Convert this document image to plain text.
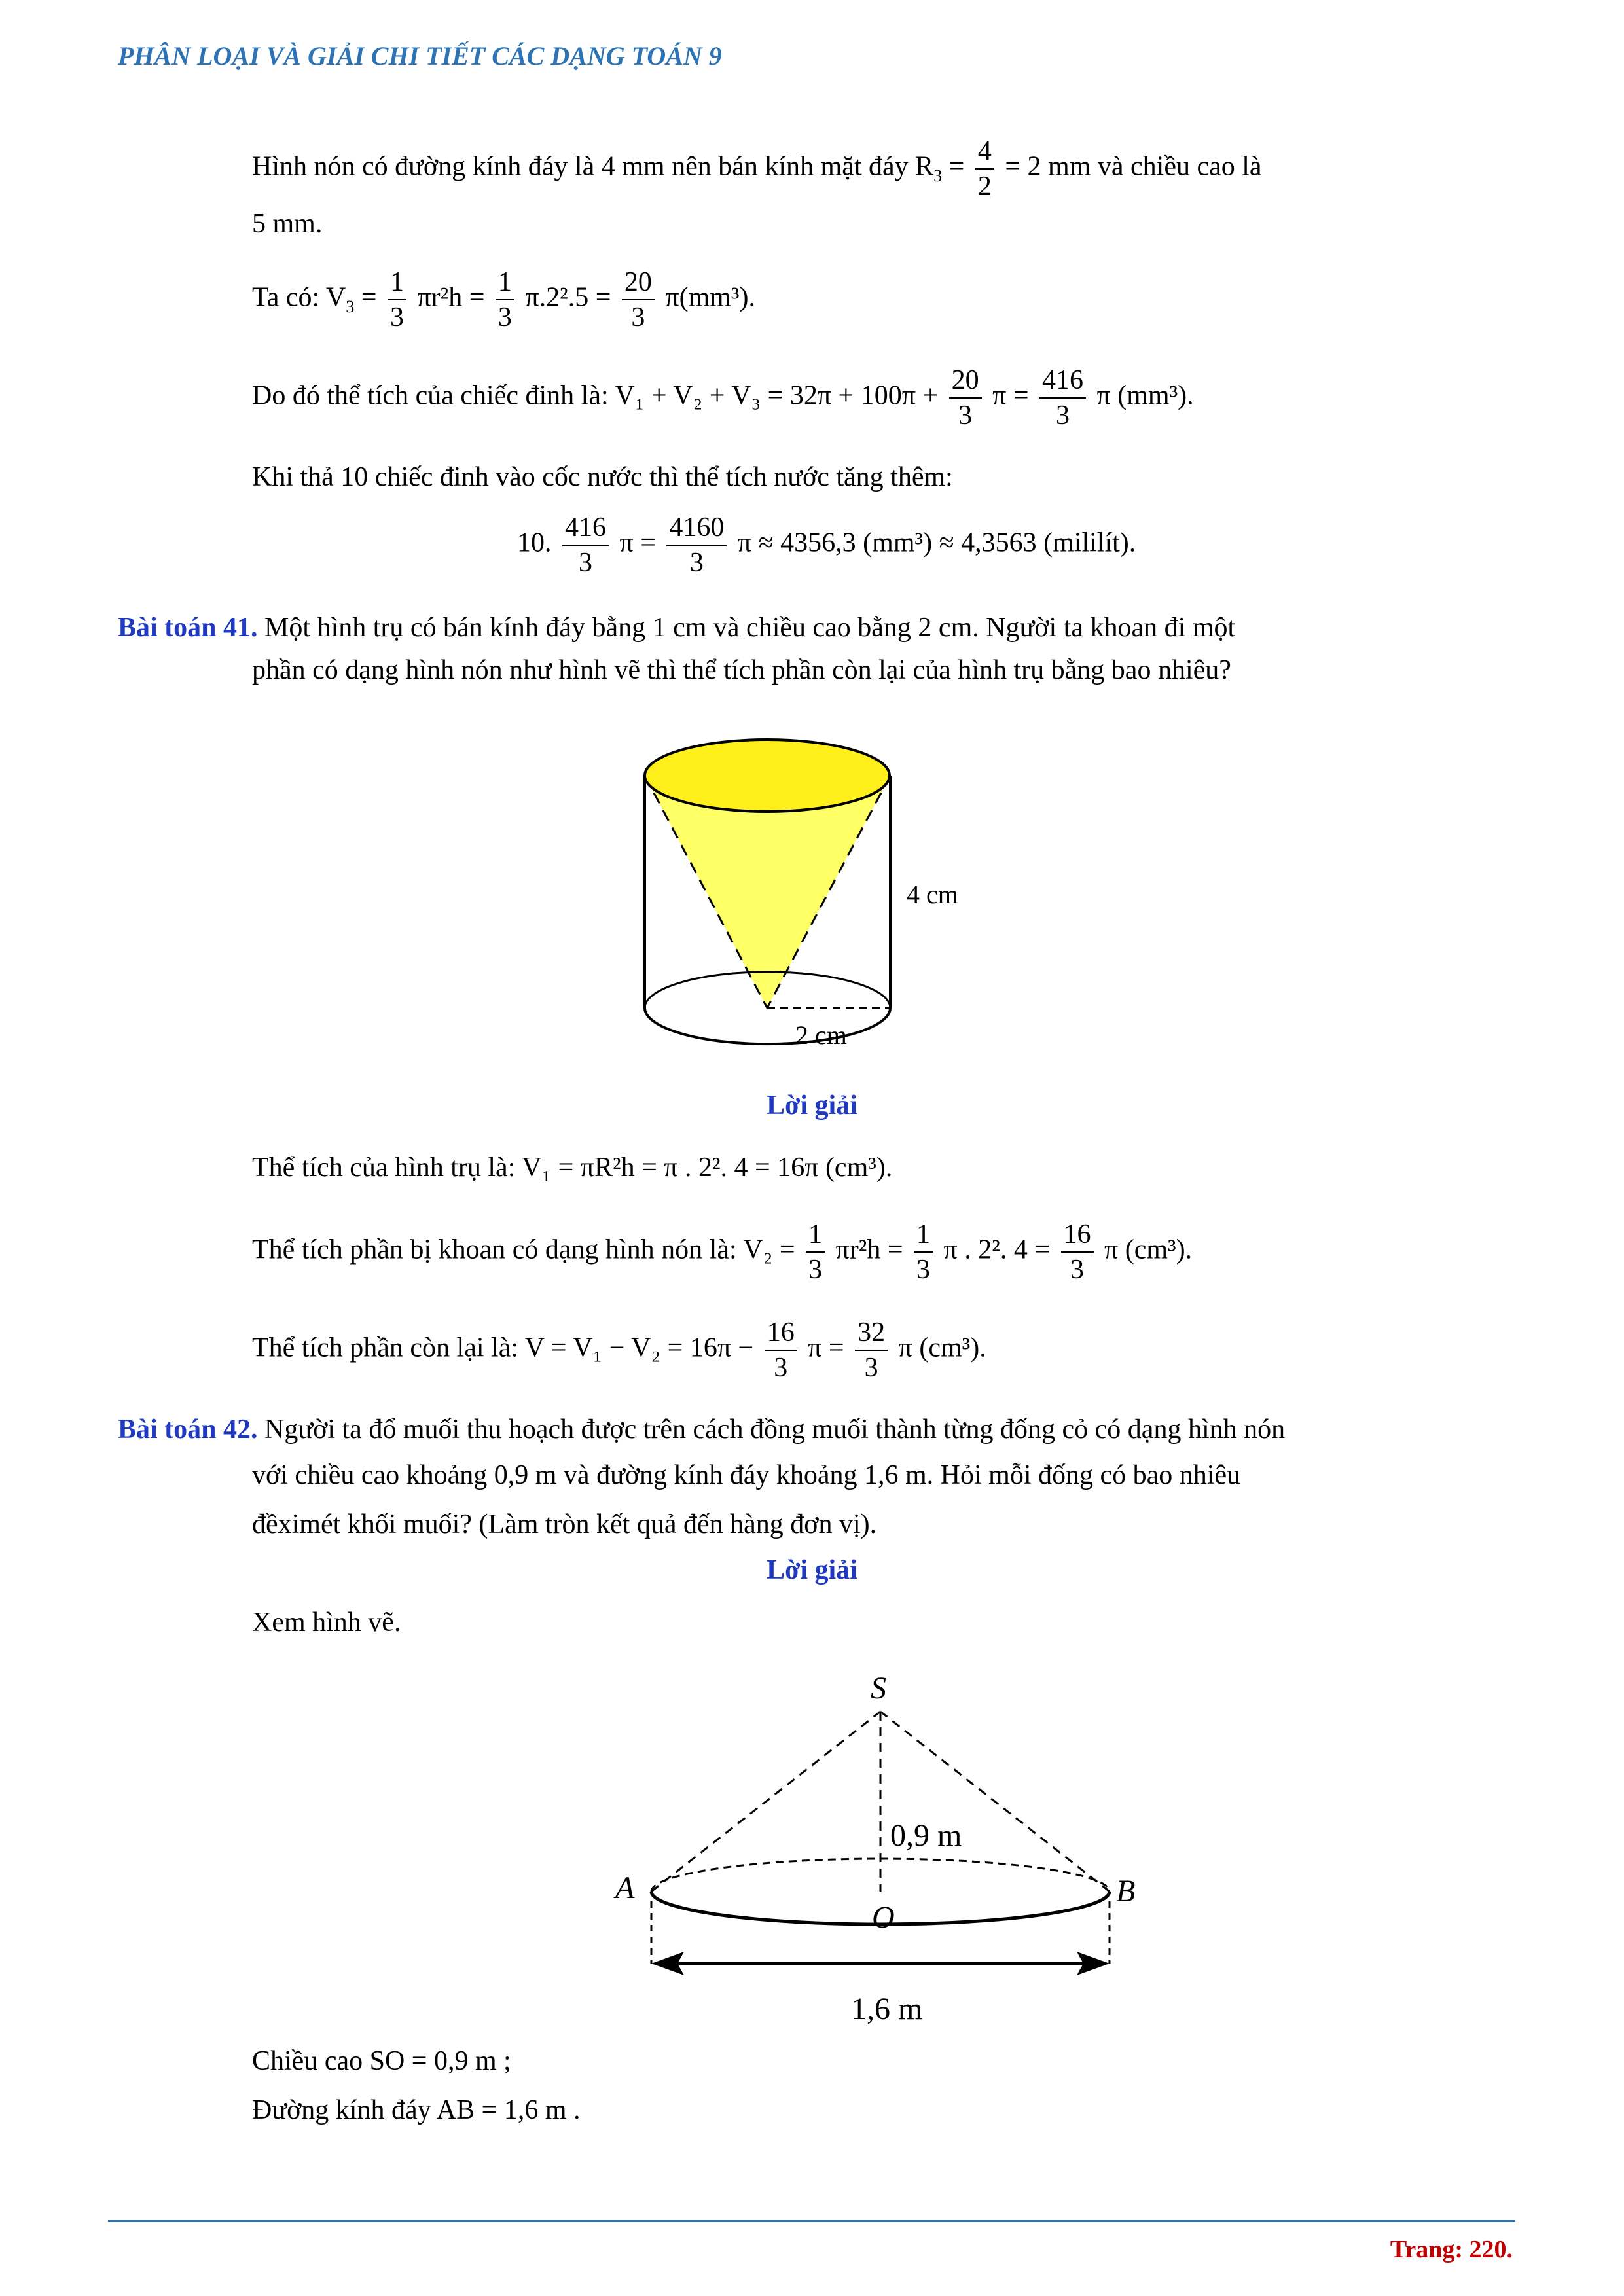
PHÂN LOẠI VÀ GIẢI CHI TIẾT CÁC DẠNG TOÁN 9
Hình nón có đường kính đáy là 4 mm nên bán kính mặt đáy $R_3 = \frac{4}{2} = 2$ mm và chiều cao là
5 mm.
Ta có: $V_3 = \frac{1}{3} \pi r^2h = \frac{1}{3} \pi.2^2.5 = \frac{20}{3} \pi(mm^3)$.
Do đó thể tích của chiếc đinh là: $V_1 + V_2 + V_3 = 32\pi + 100\pi + \frac{20}{3}$ $\pi = \frac{416}{3}$ π (mm³).
Khi thả 10 chiếc đinh vào cốc nước thì thể tích nước tăng thêm:
10. $\frac{416}{3}$ $\pi = \frac{4160}{3}$ π ≈ 4356,3 (mm³) ≈ 4,3563 (mililít).
Bài toán 41. Một hình trụ có bán kính đáy bằng 1 cm và chiều cao bằng 2 cm. Người ta khoan đi một
phần có dạng hình nón như hình vẽ thì thể tích phần còn lại của hình trụ bằng bao nhiêu?
4 cm
2 cm
Lời giải
Thể tích của hình trụ là: V₁ = πR²h = π . 2². 4 = 16π (cm³).
Thể tích phần bị khoan có dạng hình nón là: $V_2 = \frac{1}{3} \pi r^2h = \frac{1}{3}$ π . 2². $4 = \frac{16}{3}$ π (cm³).
Thể tích phần còn lại là: $V = V_1 - V_2 = 16\pi - \frac{16}{3}$ $\pi = \frac{32}{3}$ π (cm³).
Bài toán 42. Người ta đổ muối thu hoạch được trên cách đồng muối thành từng đống cỏ có dạng hình nón
với chiều cao khoảng 0,9 m và đường kính đáy khoảng 1,6 m. Hỏi mỗi đống có bao nhiêu
đềximét khối muối? (Làm tròn kết quả đến hàng đơn vị).
Lời giải
Xem hình vẽ.
S
A	B
O
0,9 m
1,6 m
Chiều cao SO = 0,9 m ;
Đường kính đáy AB = 1,6 m .
Trang: 220.
